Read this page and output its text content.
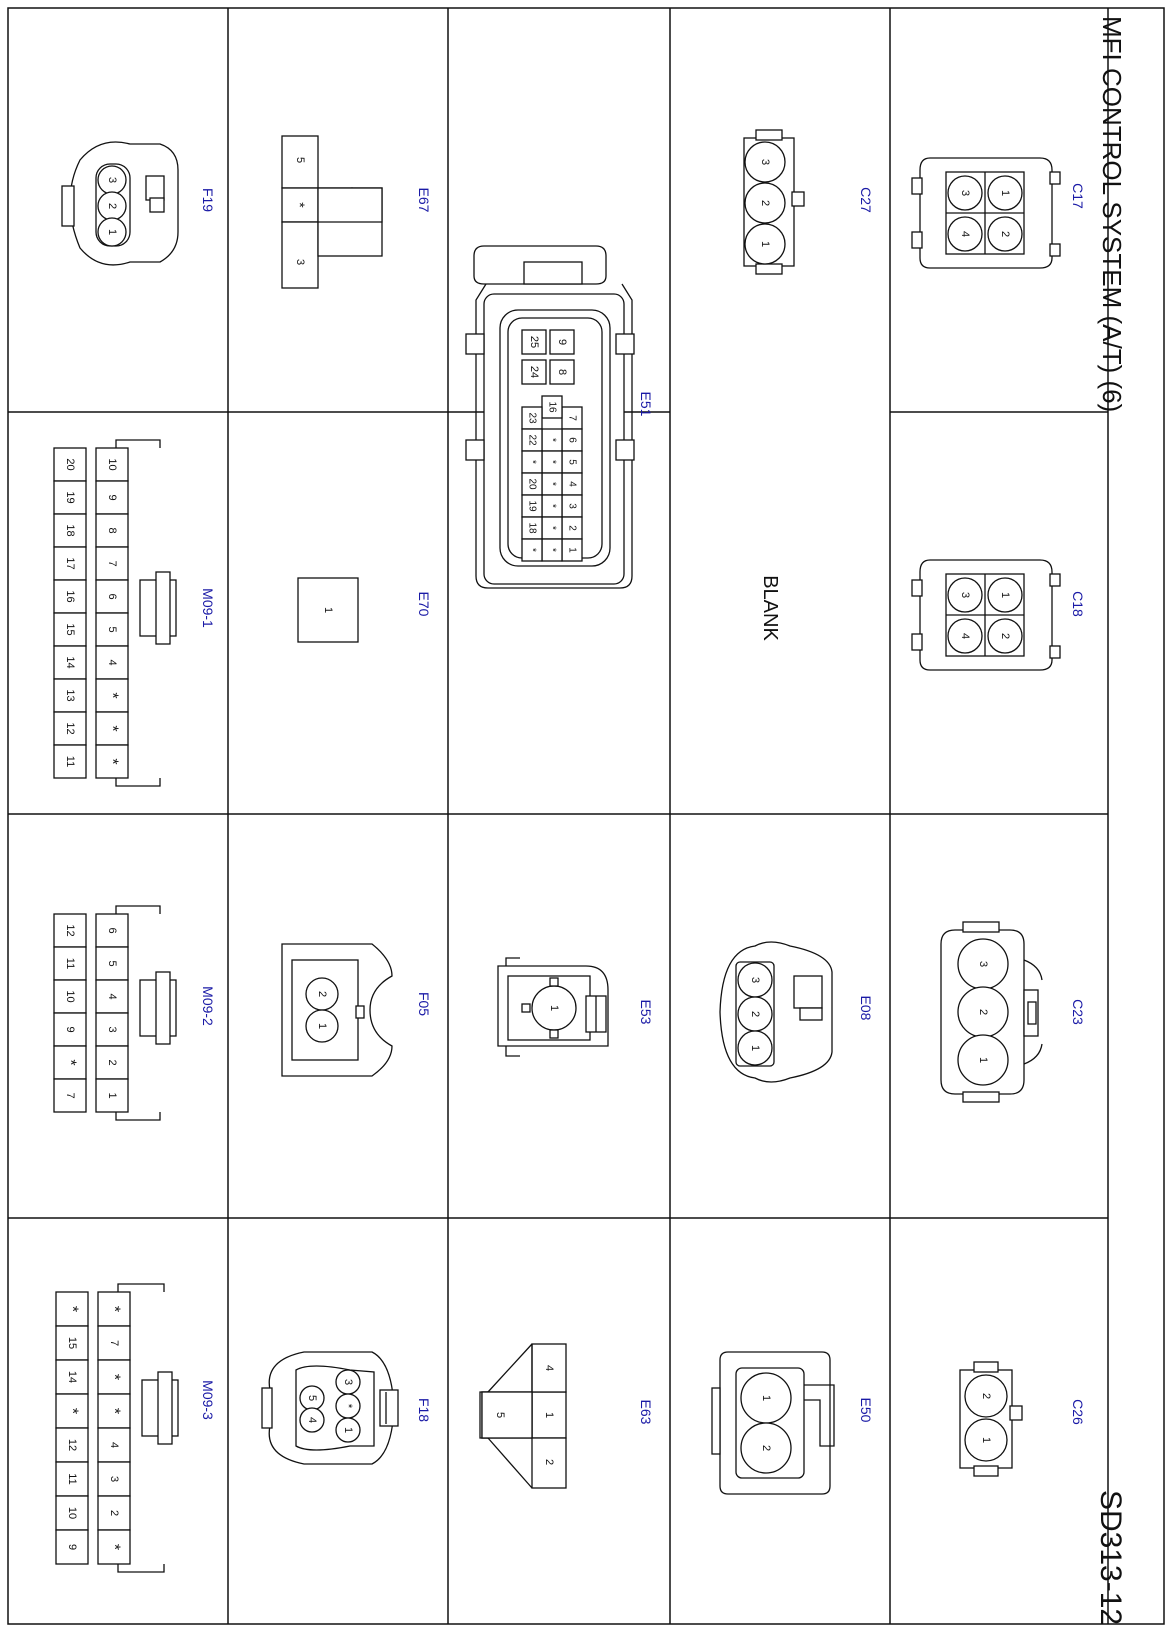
MFI CONTROL SYSTEM (A/T) (6)
SD313-12
C17
1
2
3
4
C18
1
2
3
4
C23
3
2
1
C26
2
1
C27
3
2
1
BLANK
E08
3
2
1
E50
1
2
E51
9
8
25
24
7
6
5
4
3
2
1
*
*
*
*
*
*
16
23
22
*
20
19
18
*
E53
1
E63
1
4
2
5
E67
5
*
3
E70
1
F05
2
1
F18
3
*
1
5
4
F19
3
2
1
M09-1
10
20
9
19
8
18
7
17
6
16
5
15
4
14
*
13
*
12
*
11
M09-2
6
12
5
11
4
10
3
9
2
*
1
7
M09-3
*
*
7
15
*
14
*
*
4
12
3
11
2
10
*
9
